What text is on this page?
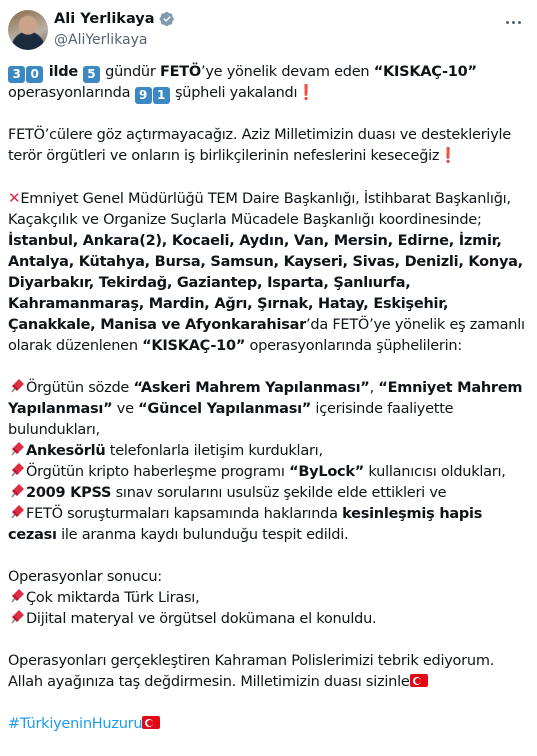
Ali Yerlikaya
@AliYerlikaya

3 0 ilde 5 gündür FETÖ’ye yönelik devam eden “KISKAÇ-10” operasyonlarında 9 1 şüpheli yakalandı❗

FETÖ’cülere göz açtırmayacağız. Aziz Milletimizin duası ve destekleriyle terör örgütleri ve onların iş birlikçilerinin nefeslerini keseceğiz❗

✕Emniyet Genel Müdürlüğü TEM Daire Başkanlığı, İstihbarat Başkanlığı, Kaçakçılık ve Organize Suçlarla Mücadele Başkanlığı koordinesinde; İstanbul, Ankara(2), Kocaeli, Aydın, Van, Mersin, Edirne, İzmir, Antalya, Kütahya, Bursa, Samsun, Kayseri, Sivas, Denizli, Konya, Diyarbakır, Tekirdağ, Gaziantep, Isparta, Şanlıurfa, Kahramanmaraş, Mardin, Ağrı, Şırnak, Hatay, Eskişehir, Çanakkale, Manisa ve Afyonkarahisar’da FETÖ’ye yönelik eş zamanlı olarak düzenlenen “KISKAÇ-10” operasyonlarında şüphelilerin:

Örgütün sözde “Askeri Mahrem Yapılanması”, “Emniyet Mahrem Yapılanması” ve “Güncel Yapılanması” içerisinde faaliyette bulundukları,
Ankesörlü telefonlarla iletişim kurdukları,
Örgütün kripto haberleşme programı “ByLock” kullanıcısı oldukları,
2009 KPSS sınav sorularını usulsüz şekilde elde ettikleri ve
FETÖ soruşturmaları kapsamında haklarında kesinleşmiş hapis cezası ile aranma kaydı bulunduğu tespit edildi.

Operasyonlar sonucu:
Çok miktarda Türk Lirası,
Dijital materyal ve örgütsel dokümana el konuldu.

Operasyonları gerçekleştiren Kahraman Polislerimizi tebrik ediyorum. Allah ayağınıza taş değdirmesin. Milletimizin duası sizinle

#TürkiyeninHuzuru
